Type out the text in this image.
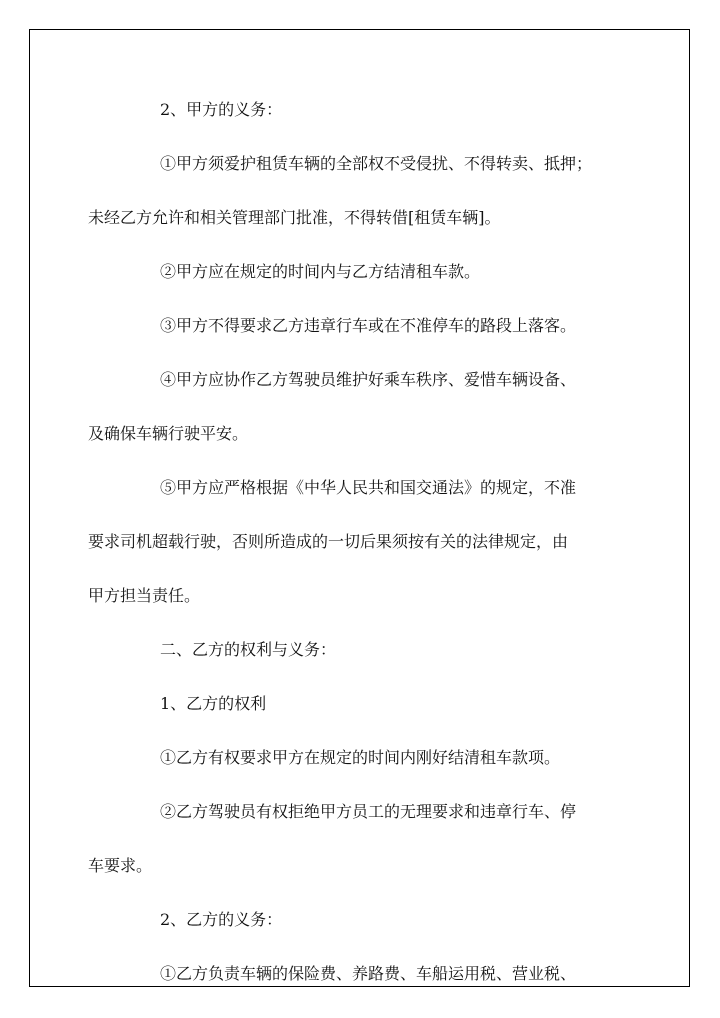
2、甲方的义务：
①甲方须爱护租赁车辆的全部权不受侵扰、不得转卖、抵押；
未经乙方允许和相关管理部门批准，不得转借[租赁车辆]。
②甲方应在规定的时间内与乙方结清租车款。
③甲方不得要求乙方违章行车或在不准停车的路段上落客。
④甲方应协作乙方驾驶员维护好乘车秩序、爱惜车辆设备、
及确保车辆行驶平安。
⑤甲方应严格根据《中华人民共和国交通法》的规定，不准
要求司机超载行驶，否则所造成的一切后果须按有关的法律规定，由
甲方担当责任。
二、乙方的权利与义务：
1、乙方的权利
①乙方有权要求甲方在规定的时间内刚好结清租车款项。
②乙方驾驶员有权拒绝甲方员工的无理要求和违章行车、停
车要求。
2、乙方的义务：
①乙方负责车辆的保险费、养路费、车船运用税、营业税、
